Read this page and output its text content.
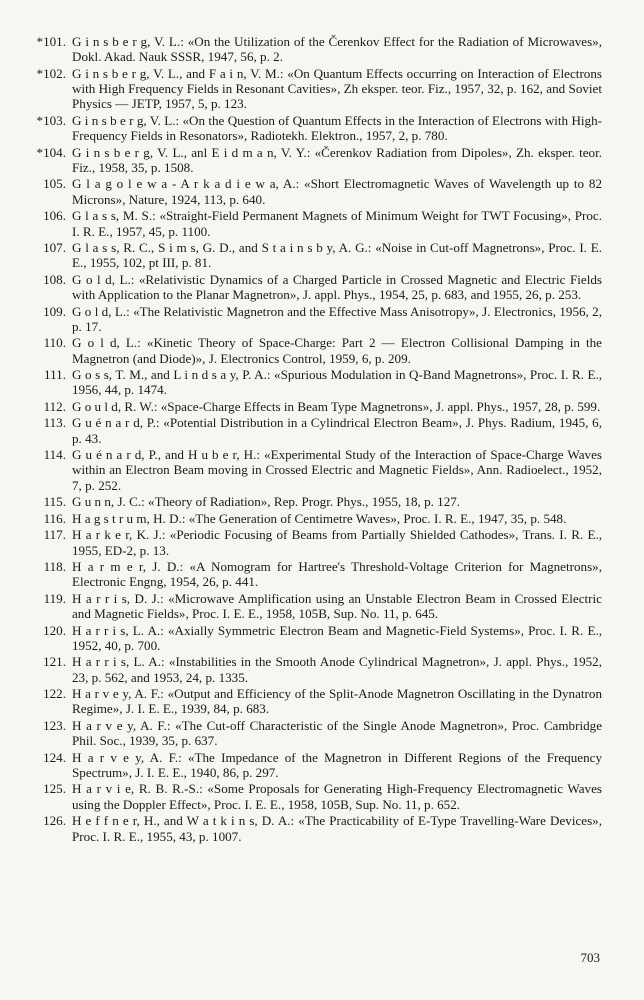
*101. G i n s b e r g, V. L.: «On the Utilization of the Čerenkov Effect for the Radiation of Microwaves», Dokl. Akad. Nauk SSSR, 1947, 56, p. 2.
*102. G i n s b e r g, V. L., and F a i n, V. M.: «On Quantum Effects occurring on Interaction of Electrons with High Frequency Fields in Resonant Cavities», Zh eksper. teor. Fiz., 1957, 32, p. 162, and Soviet Physics — JETP, 1957, 5, p. 123.
*103. G i n s b e r g, V. L.: «On the Question of Quantum Effects in the Interaction of Electrons with High-Frequency Fields in Resonators», Radiotekh. Elektron., 1957, 2, p. 780.
*104. G i n s b e r g, V. L., anl E i d m a n, V. Y.: «Čerenkov Radiation from Dipoles», Zh. eksper. teor. Fiz., 1958, 35, p. 1508.
105. G l a g o l e w a - A r k a d i e w a, A.: «Short Electromagnetic Waves of Wavelength up to 82 Microns», Nature, 1924, 113, p. 640.
106. G l a s s, M. S.: «Straight-Field Permanent Magnets of Minimum Weight for TWT Focusing», Proc. I. R. E., 1957, 45, p. 1100.
107. G l a s s, R. C., S i m s, G. D., and S t a i n s b y, A. G.: «Noise in Cut-off Magnetrons», Proc. I. E. E., 1955, 102, pt III, p. 81.
108. G o l d, L.: «Relativistic Dynamics of a Charged Particle in Crossed Magnetic and Electric Fields with Application to the Planar Magnetron», J. appl. Phys., 1954, 25, p. 683, and 1955, 26, p. 253.
109. G o l d, L.: «The Relativistic Magnetron and the Effective Mass Anisotropy», J. Electronics, 1956, 2, p. 17.
110. G o l d, L.: «Kinetic Theory of Space-Charge: Part 2 — Electron Collisional Damping in the Magnetron (and Diode)», J. Electronics Control, 1959, 6, p. 209.
111. G o s s, T. M., and L i n d s a y, P. A.: «Spurious Modulation in Q-Band Magnetrons», Proc. I. R. E., 1956, 44, p. 1474.
112. G o u l d, R. W.: «Space-Charge Effects in Beam Type Magnetrons», J. appl. Phys., 1957, 28, p. 599.
113. G u é n a r d, P.: «Potential Distribution in a Cylindrical Electron Beam», J. Phys. Radium, 1945, 6, p. 43.
114. G u é n a r d, P., and H u b e r, H.: «Experimental Study of the Interaction of Space-Charge Waves within an Electron Beam moving in Crossed Electric and Magnetic Fields», Ann. Radioelect., 1952, 7, p. 252.
115. G u n n, J. C.: «Theory of Radiation», Rep. Progr. Phys., 1955, 18, p. 127.
116. H a g s t r u m, H. D.: «The Generation of Centimetre Waves», Proc. I. R. E., 1947, 35, p. 548.
117. H a r k e r, K. J.: «Periodic Focusing of Beams from Partially Shielded Cathodes», Trans. I. R. E., 1955, ED-2, p. 13.
118. H a r m e r, J. D.: «A Nomogram for Hartree's Threshold-Voltage Criterion for Magnetrons», Electronic Engng, 1954, 26, p. 441.
119. H a r r i s, D. J.: «Microwave Amplification using an Unstable Electron Beam in Crossed Electric and Magnetic Fields», Proc. I. E. E., 1958, 105B, Sup. No. 11, p. 645.
120. H a r r i s, L. A.: «Axially Symmetric Electron Beam and Magnetic-Field Systems», Proc. I. R. E., 1952, 40, p. 700.
121. H a r r i s, L. A.: «Instabilities in the Smooth Anode Cylindrical Magnetron», J. appl. Phys., 1952, 23, p. 562, and 1953, 24, p. 1335.
122. H a r v e y, A. F.: «Output and Efficiency of the Split-Anode Magnetron Oscillating in the Dynatron Regime», J. I. E. E., 1939, 84, p. 683.
123. H a r v e y, A. F.: «The Cut-off Characteristic of the Single Anode Magnetron», Proc. Cambridge Phil. Soc., 1939, 35, p. 637.
124. H a r v e y, A. F.: «The Impedance of the Magnetron in Different Regions of the Frequency Spectrum», J. I. E. E., 1940, 86, p. 297.
125. H a r v i e, R. B. R.-S.: «Some Proposals for Generating High-Frequency Electromagnetic Waves using the Doppler Effect», Proc. I. E. E., 1958, 105B, Sup. No. 11, p. 652.
126. H e f f n e r, H., and W a t k i n s, D. A.: «The Practicability of E-Type Travelling-Ware Devices», Proc. I. R. E., 1955, 43, p. 1007.
703
